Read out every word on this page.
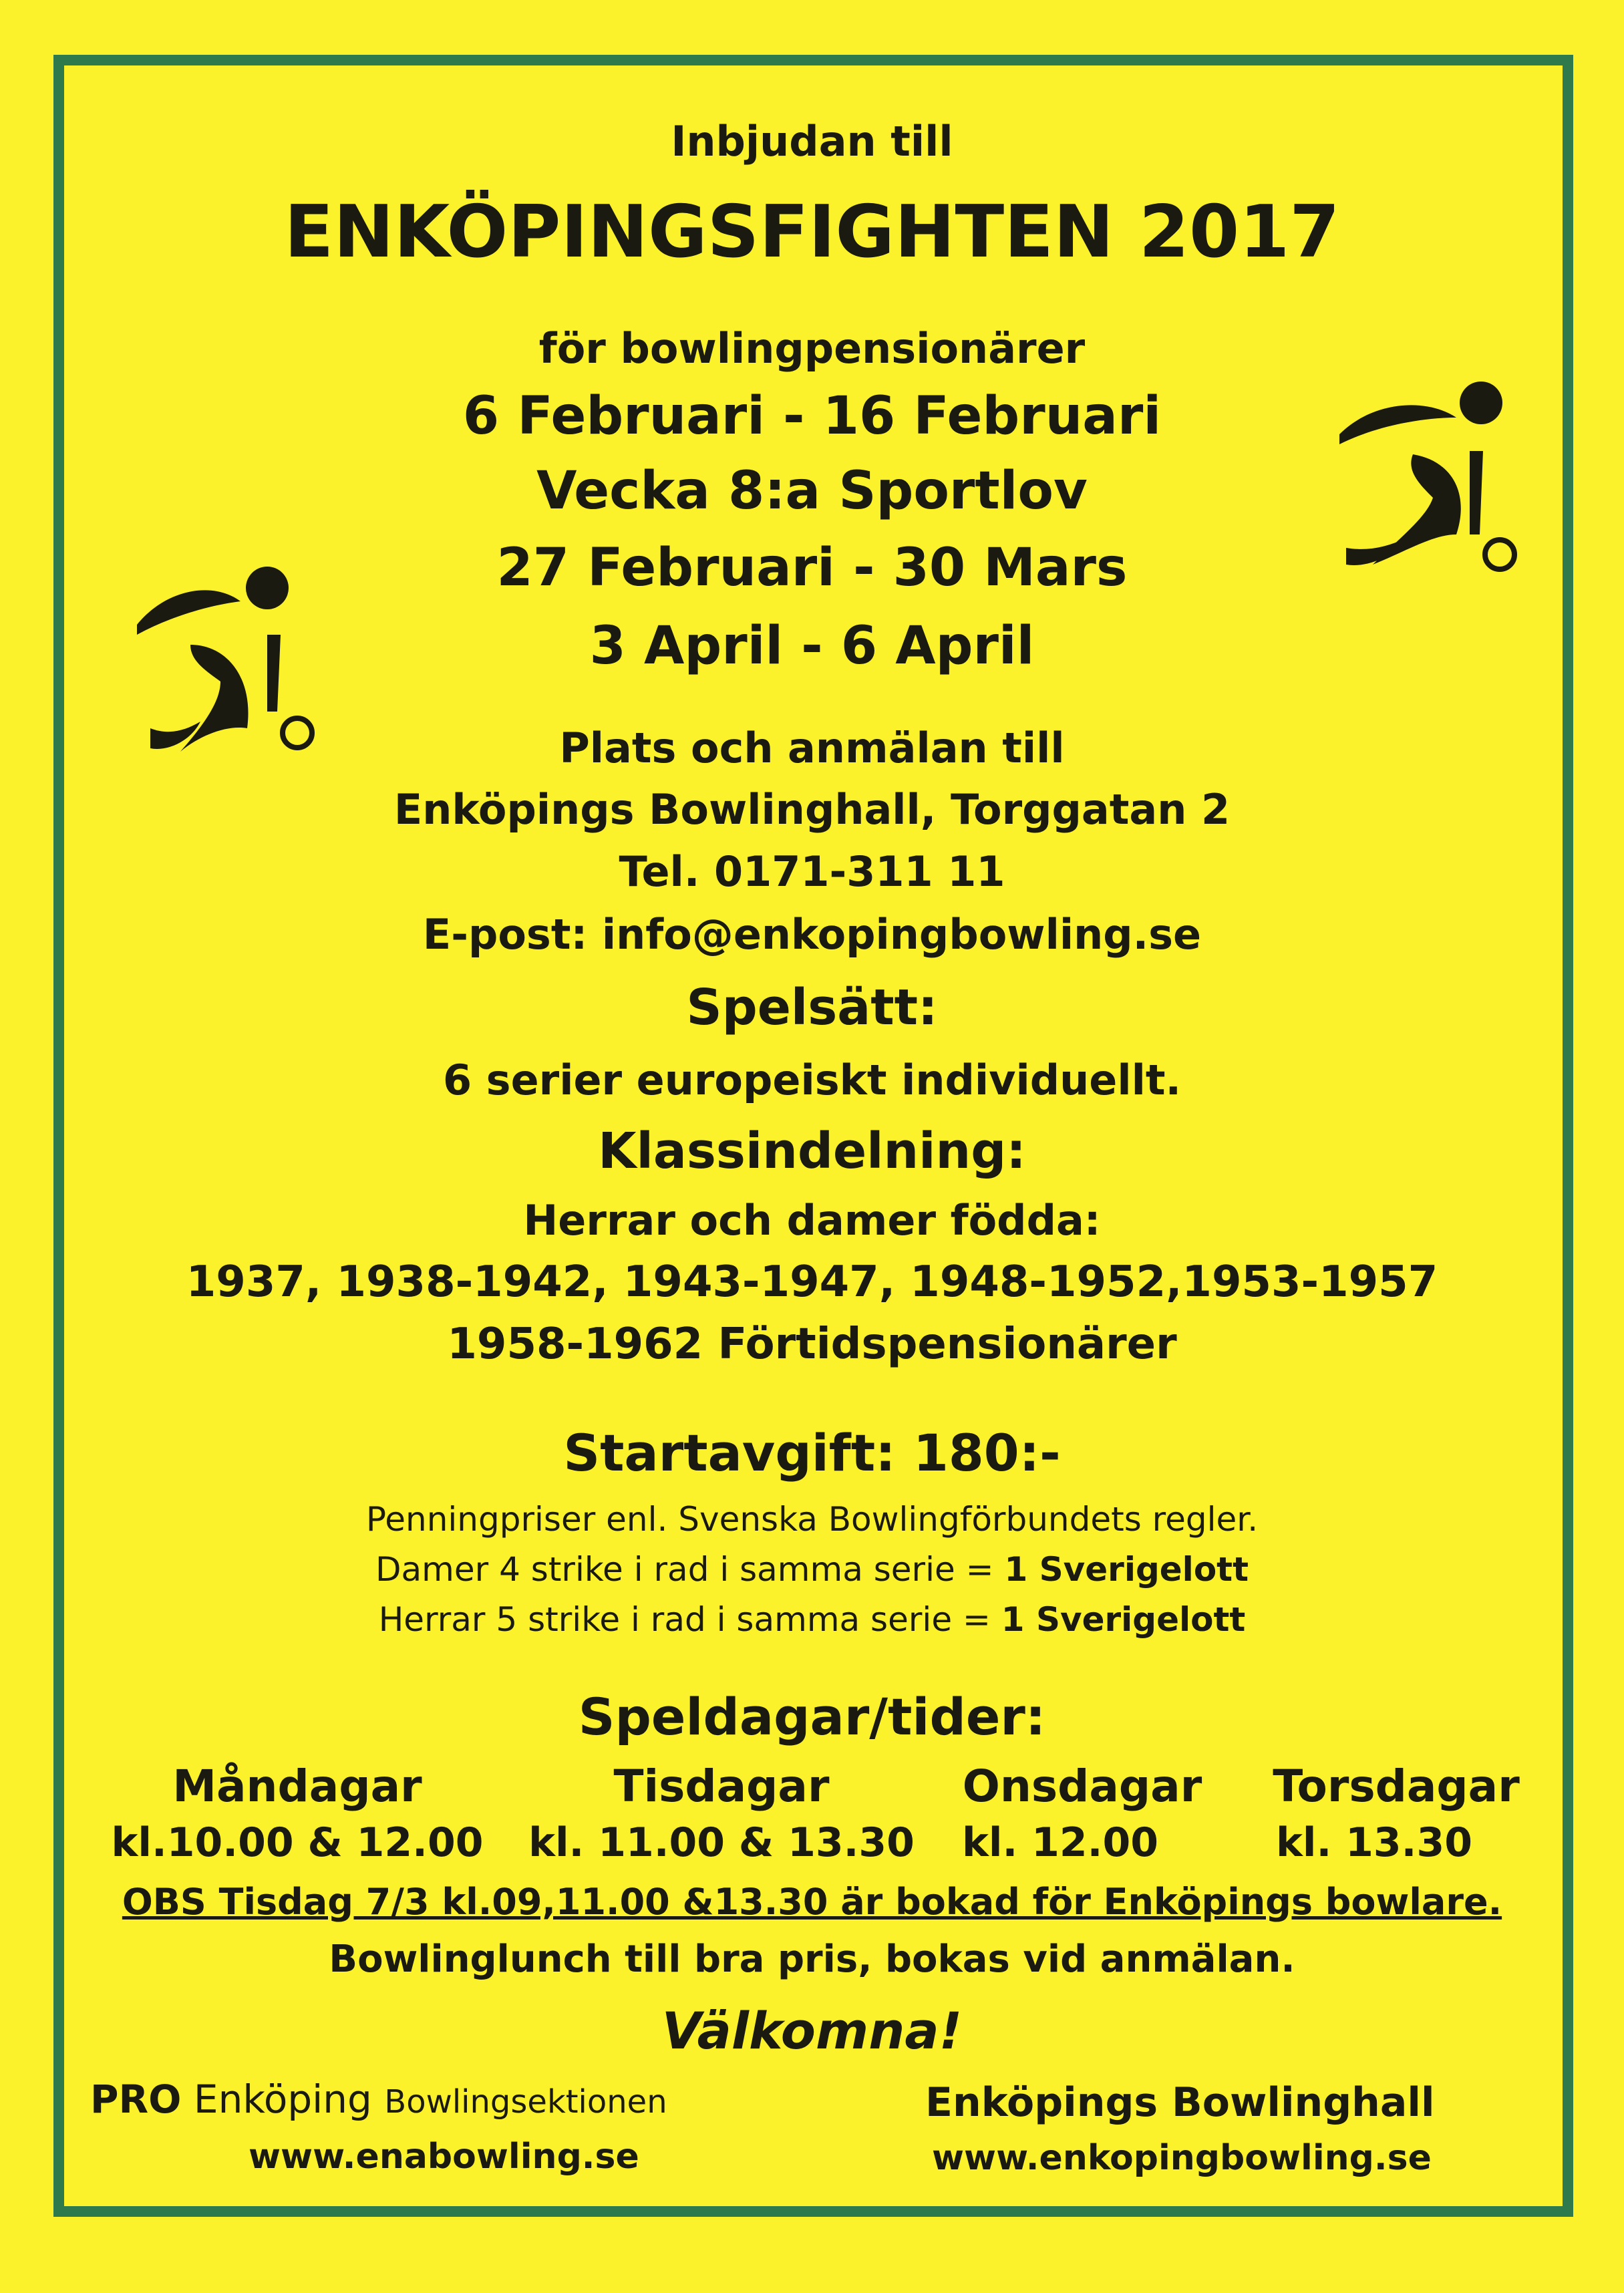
Inbjudan till
ENKÖPINGSFIGHTEN 2017
för bowlingpensionärer
6 Februari - 16 Februari
Vecka 8:a Sportlov
27 Februari - 30 Mars
3 April - 6 April
Plats och anmälan till
Enköpings Bowlinghall, Torggatan 2
Tel. 0171-311 11
E-post: info@enkopingbowling.se
Spelsätt:
6 serier europeiskt individuellt.
Klassindelning:
Herrar och damer födda:
1937, 1938-1942, 1943-1947, 1948-1952,1953-1957
1958-1962 Förtidspensionärer
Startavgift: 180:-
Penningpriser enl. Svenska Bowlingförbundets regler.
Damer 4 strike i rad i samma serie = 1 Sverigelott
Herrar 5 strike i rad i samma serie = 1 Sverigelott
Speldagar/tider:
Måndagar
kl.10.00 & 12.00
Tisdagar
kl. 11.00 & 13.30
Onsdagar
kl. 12.00
Torsdagar
kl. 13.30
OBS Tisdag 7/3 kl.09,11.00 &13.30 är bokad för Enköpings bowlare.
Bowlinglunch till bra pris, bokas vid anmälan.
Välkomna!
PRO Enköping Bowlingsektionen
www.enabowling.se
Enköpings Bowlinghall
www.enkopingbowling.se
